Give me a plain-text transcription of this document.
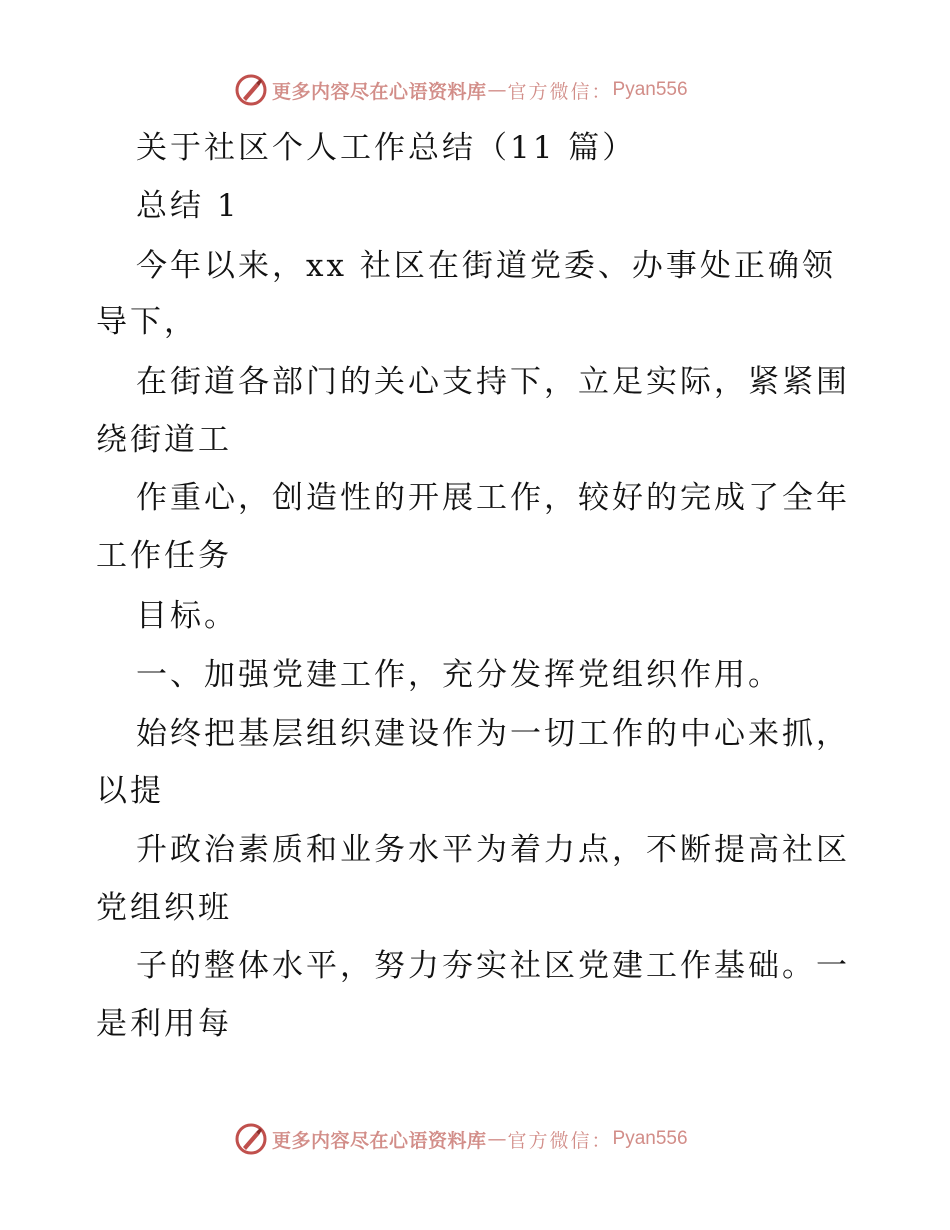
更多内容尽在心语资料库 — 官方微信： Pyan556
关于社区个人工作总结（11 篇）
总结 1
今年以来，xx 社区在街道党委、办事处正确领
导下，
在街道各部门的关心支持下，立足实际，紧紧围
绕街道工
作重心，创造性的开展工作，较好的完成了全年
工作任务
目标。
一、加强党建工作，充分发挥党组织作用。
始终把基层组织建设作为一切工作的中心来抓，
以提
升政治素质和业务水平为着力点，不断提高社区
党组织班
子的整体水平，努力夯实社区党建工作基础。一
是利用每
更多内容尽在心语资料库 — 官方微信： Pyan556
